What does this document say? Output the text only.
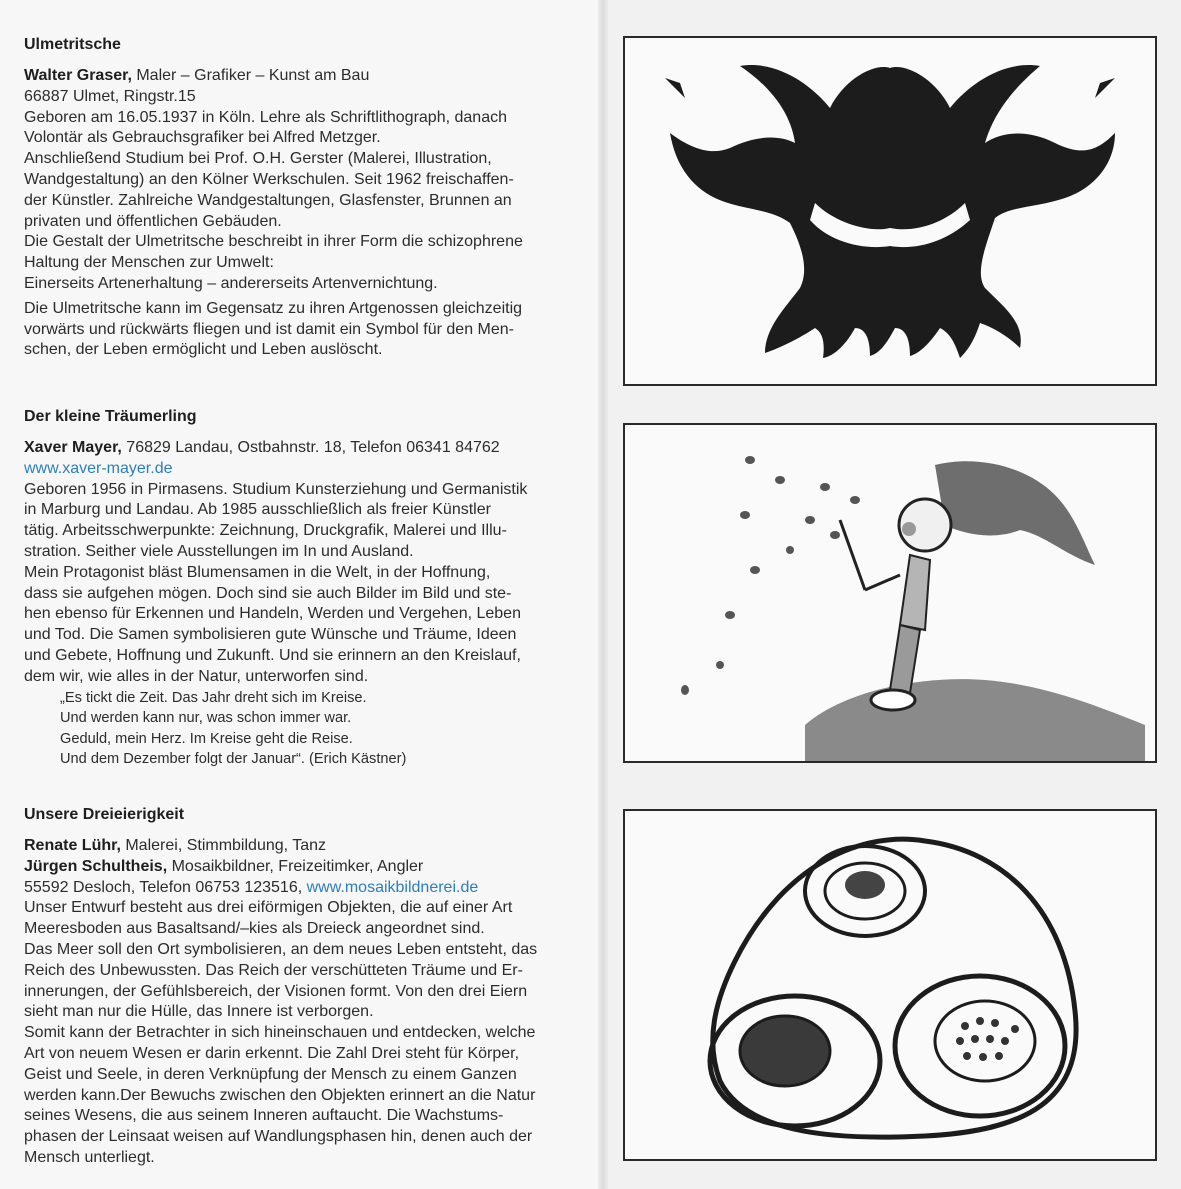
Ulmetritsche
Walter Graser, Maler – Grafiker – Kunst am Bau
66887 Ulmet, Ringstr.15
Geboren am 16.05.1937 in Köln. Lehre als Schriftlithograph, danach
Volontär als Gebrauchsgrafiker bei Alfred Metzger.
Anschließend Studium bei Prof. O.H. Gerster (Malerei, Illustration,
Wandgestaltung) an den Kölner Werkschulen. Seit 1962 freischaffen-
der Künstler. Zahlreiche Wandgestaltungen, Glasfenster, Brunnen an
privaten und öffentlichen Gebäuden.
Die Gestalt der Ulmetritsche beschreibt in ihrer Form die schizophrene
Haltung der Menschen zur Umwelt:
Einerseits Artenerhaltung – andererseits Artenvernichtung.
Die Ulmetritsche kann im Gegensatz zu ihren Artgenossen gleichzeitig
vorwärts und rückwärts fliegen und ist damit ein Symbol für den Men-
schen, der Leben ermöglicht und Leben auslöscht.
Der kleine Träumerling
Xaver Mayer, 76829 Landau, Ostbahnstr. 18, Telefon 06341 84762
www.xaver-mayer.de
Geboren 1956 in Pirmasens. Studium Kunsterziehung und Germanistik
in Marburg und Landau. Ab 1985 ausschließlich als freier Künstler
tätig. Arbeitsschwerpunkte: Zeichnung, Druckgrafik, Malerei und Illu-
stration. Seither viele Ausstellungen im In und Ausland.
Mein Protagonist bläst Blumensamen in die Welt, in der Hoffnung,
dass sie aufgehen mögen. Doch sind sie auch Bilder im Bild und ste-
hen ebenso für Erkennen und Handeln, Werden und Vergehen, Leben
und Tod. Die Samen symbolisieren gute Wünsche und Träume, Ideen
und Gebete, Hoffnung und Zukunft. Und sie erinnern an den Kreislauf,
dem wir, wie alles in der Natur, unterworfen sind.
„Es tickt die Zeit. Das Jahr dreht sich im Kreise.
Und werden kann nur, was schon immer war.
Geduld, mein Herz. Im Kreise geht die Reise.
Und dem Dezember folgt der Januar“. (Erich Kästner)
Unsere Dreieierigkeit
Renate Lühr, Malerei, Stimmbildung, Tanz
Jürgen Schultheis, Mosaikbildner, Freizeitimker, Angler
55592 Desloch, Telefon 06753 123516, www.mosaikbildnerei.de
Unser Entwurf besteht aus drei eiförmigen Objekten, die auf einer Art
Meeresboden aus Basaltsand/–kies als Dreieck angeordnet sind.
Das Meer soll den Ort symbolisieren, an dem neues Leben entsteht, das
Reich des Unbewussten. Das Reich der verschütteten Träume und Er-
innerungen, der Gefühlsbereich, der Visionen formt. Von den drei Eiern
sieht man nur die Hülle, das Innere ist verborgen.
Somit kann der Betrachter in sich hineinschauen und entdecken, welche
Art von neuem Wesen er darin erkennt. Die Zahl Drei steht für Körper,
Geist und Seele, in deren Verknüpfung der Mensch zu einem Ganzen
werden kann.Der Bewuchs zwischen den Objekten erinnert an die Natur
seines Wesens, die aus seinem Inneren auftaucht. Die Wachstums-
phasen der Leinsaat weisen auf Wandlungsphasen hin, denen auch der
Mensch unterliegt.
